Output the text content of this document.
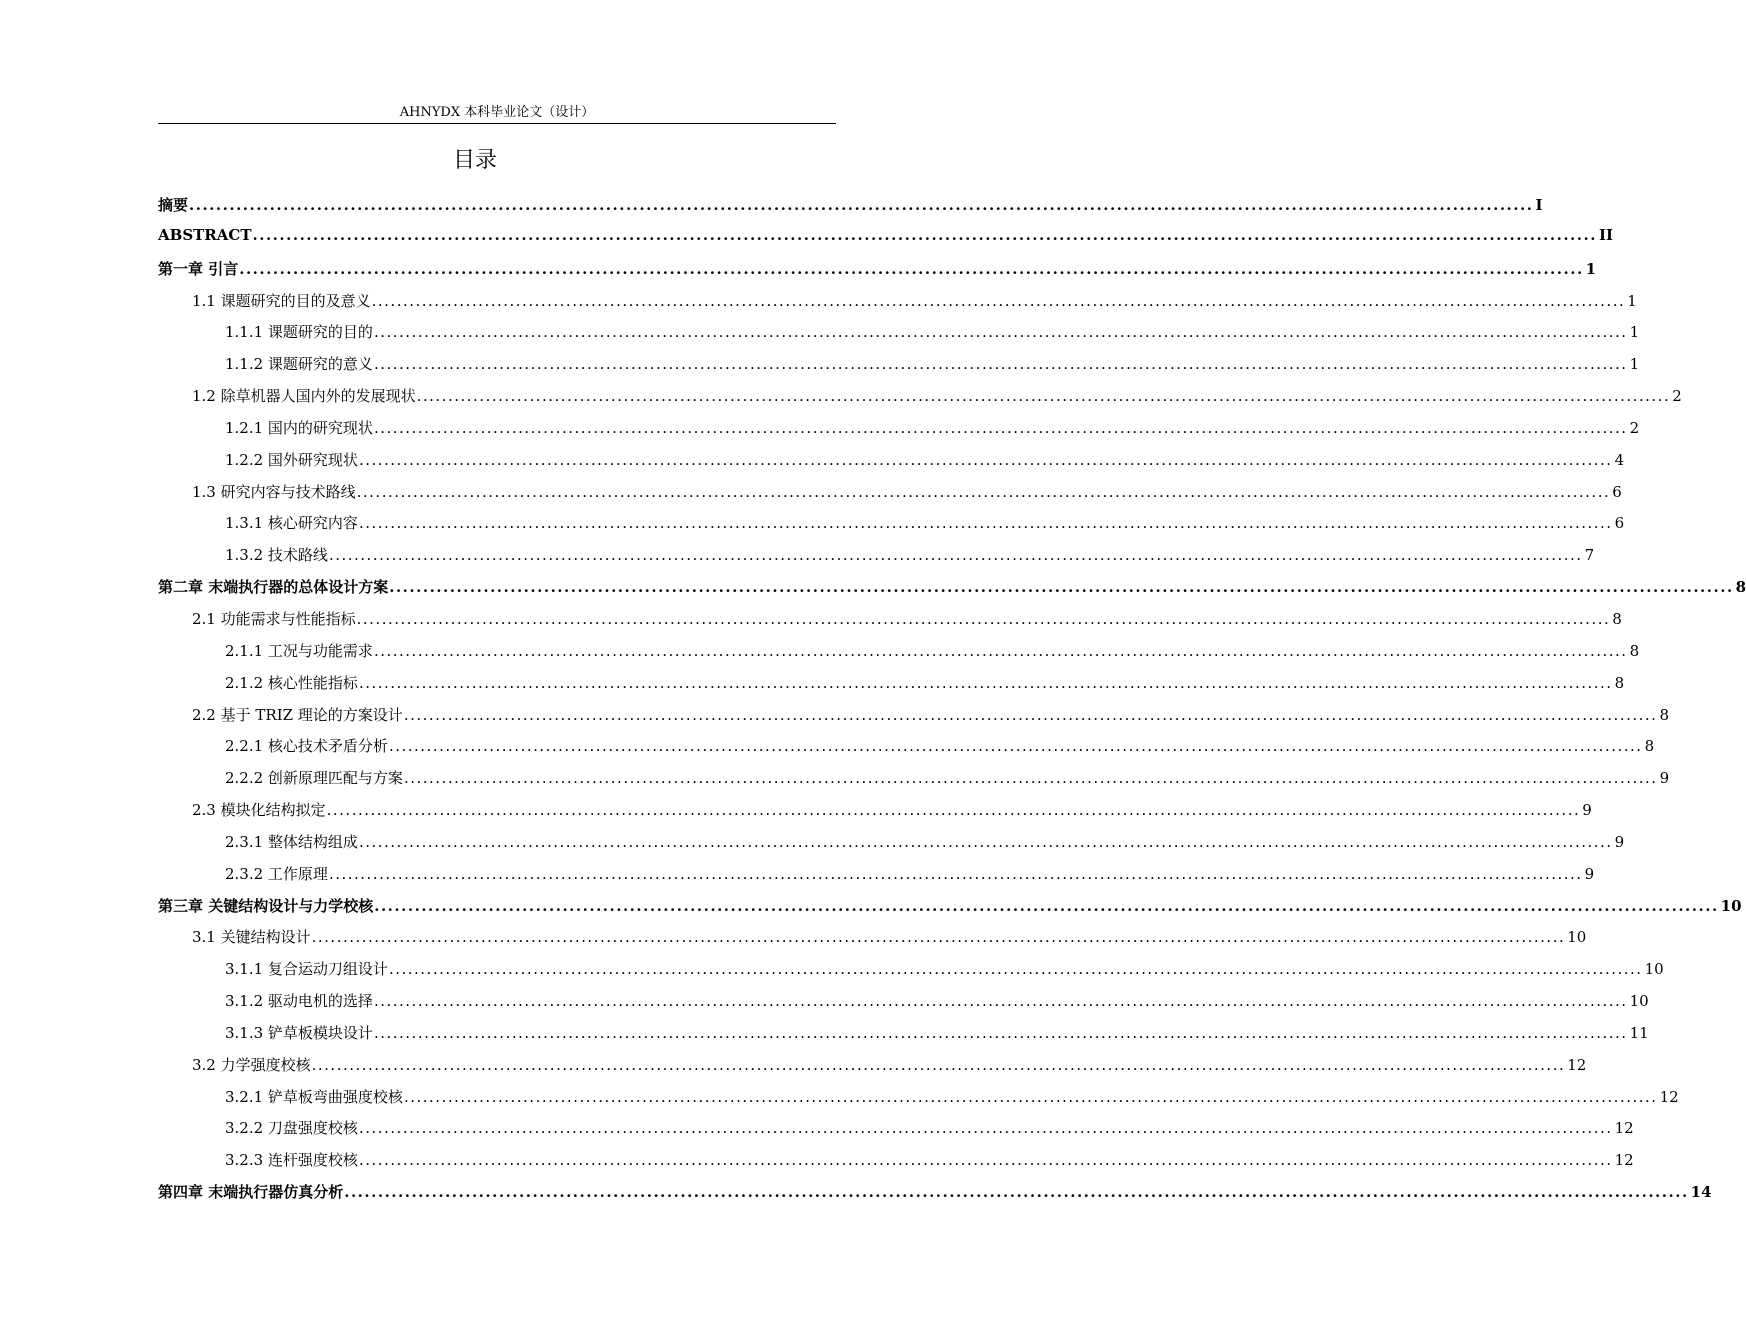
AHNYDX 本科毕业论文（设计）
目录
摘要 ........................................................................................................................................................................................................ I
ABSTRACT ........................................................................................................................................................................................................ II
第一章 引言 ........................................................................................................................................................................................................ 1
1.1 课题研究的目的及意义 ........................................................................................................................................................................................................ 1
1.1.1 课题研究的目的 ........................................................................................................................................................................................................ 1
1.1.2 课题研究的意义 ........................................................................................................................................................................................................ 1
1.2 除草机器人国内外的发展现状 ........................................................................................................................................................................................................ 2
1.2.1 国内的研究现状 ........................................................................................................................................................................................................ 2
1.2.2 国外研究现状 ........................................................................................................................................................................................................ 4
1.3 研究内容与技术路线 ........................................................................................................................................................................................................ 6
1.3.1 核心研究内容 ........................................................................................................................................................................................................ 6
1.3.2 技术路线 ........................................................................................................................................................................................................ 7
第二章 末端执行器的总体设计方案 ........................................................................................................................................................................................................ 8
2.1 功能需求与性能指标 ........................................................................................................................................................................................................ 8
2.1.1 工况与功能需求 ........................................................................................................................................................................................................ 8
2.1.2 核心性能指标 ........................................................................................................................................................................................................ 8
2.2 基于 TRIZ 理论的方案设计 ........................................................................................................................................................................................................ 8
2.2.1 核心技术矛盾分析 ........................................................................................................................................................................................................ 8
2.2.2 创新原理匹配与方案 ........................................................................................................................................................................................................ 9
2.3 模块化结构拟定 ........................................................................................................................................................................................................ 9
2.3.1 整体结构组成 ........................................................................................................................................................................................................ 9
2.3.2 工作原理 ........................................................................................................................................................................................................ 9
第三章 关键结构设计与力学校核 ........................................................................................................................................................................................................ 10
3.1 关键结构设计 ........................................................................................................................................................................................................ 10
3.1.1 复合运动刀组设计 ........................................................................................................................................................................................................ 10
3.1.2 驱动电机的选择 ........................................................................................................................................................................................................ 10
3.1.3 铲草板模块设计 ........................................................................................................................................................................................................ 11
3.2 力学强度校核 ........................................................................................................................................................................................................ 12
3.2.1 铲草板弯曲强度校核 ........................................................................................................................................................................................................ 12
3.2.2 刀盘强度校核 ........................................................................................................................................................................................................ 12
3.2.3 连杆强度校核 ........................................................................................................................................................................................................ 12
第四章 末端执行器仿真分析 ........................................................................................................................................................................................................ 14
